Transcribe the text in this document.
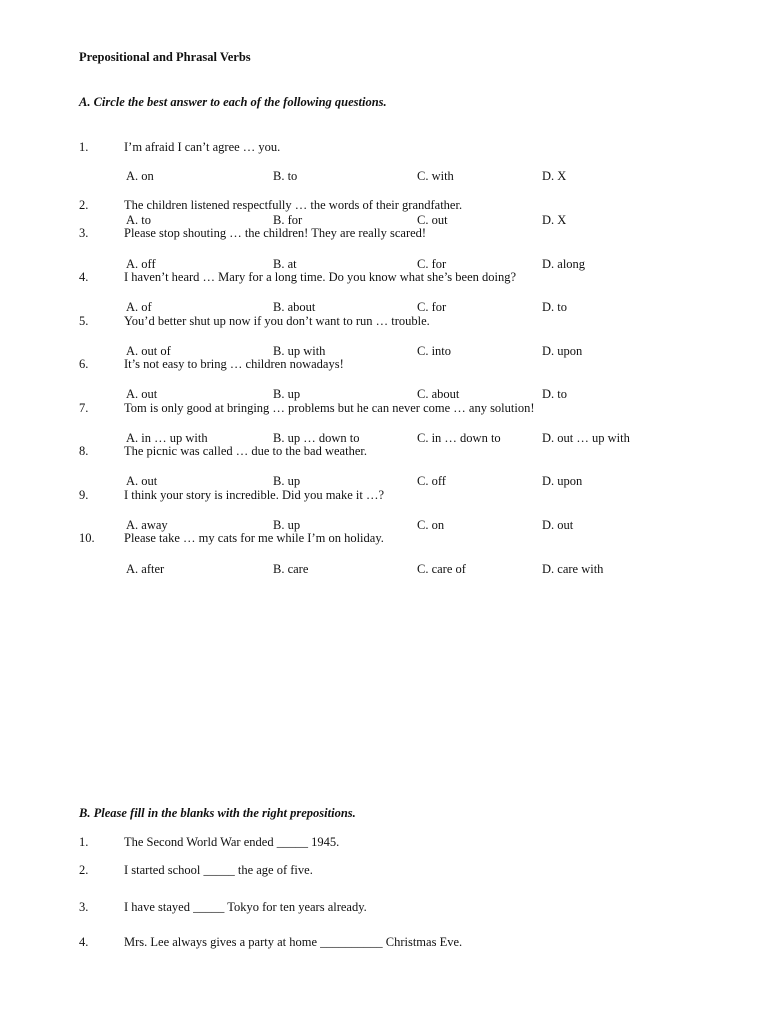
Prepositional and Phrasal Verbs
A. Circle the best answer to each of the following questions.
1.	I’m afraid I can’t agree … you.
A. on	B. to	C. with	D. X
2.	The children listened respectfully … the words of their grandfather.
A. to	B. for	C. out	D. X
3.	Please stop shouting … the children! They are really scared!
A. off	B. at	C. for	D. along
4.	I haven’t heard … Mary for a long time. Do you know what she’s been doing?
A. of	B. about	C. for	D. to
5.	You’d better shut up now if you don’t want to run … trouble.
A. out of	B. up with	C. into	D. upon
6.	It’s not easy to bring … children nowadays!
A. out	B. up	C. about	D. to
7.	Tom is only good at bringing … problems but he can never come … any solution!
A. in … up with	B. up … down to	C. in … down to	D. out … up with
8.	The picnic was called … due to the bad weather.
A. out	B. up	C. off	D. upon
9.	I think your story is incredible. Did you make it …?
A. away	B. up	C. on	D. out
10. Please take … my cats for me while I’m on holiday.
A. after	B. care	C. care of	D. care with
B. Please fill in the blanks with the right prepositions.
1.	The Second World War ended _____ 1945.
2.	I started school _____ the age of five.
3.	I have stayed _____ Tokyo for ten years already.
4.	Mrs. Lee always gives a party at home __________ Christmas Eve.
